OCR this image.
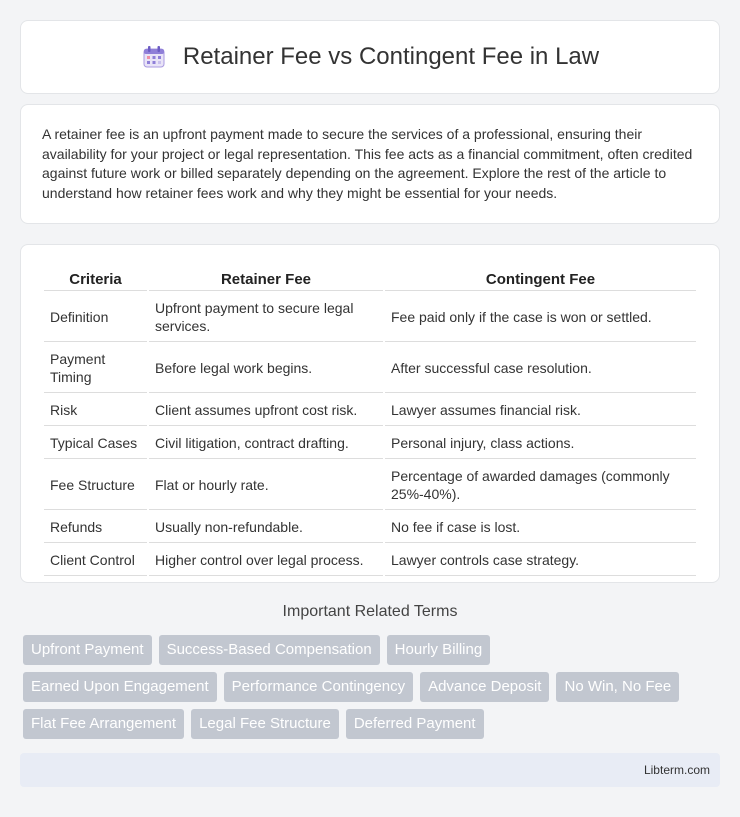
Retainer Fee vs Contingent Fee in Law

A retainer fee is an upfront payment made to secure the services of a professional, ensuring their availability for your project or legal representation. This fee acts as a financial commitment, often credited against future work or billed separately depending on the agreement. Explore the rest of the article to understand how retainer fees work and why they might be essential for your needs.

Criteria	Retainer Fee	Contingent Fee
Definition	Upfront payment to secure legal services.	Fee paid only if the case is won or settled.
Payment Timing	Before legal work begins.	After successful case resolution.
Risk	Client assumes upfront cost risk.	Lawyer assumes financial risk.
Typical Cases	Civil litigation, contract drafting.	Personal injury, class actions.
Fee Structure	Flat or hourly rate.	Percentage of awarded damages (commonly 25%-40%).
Refunds	Usually non-refundable.	No fee if case is lost.
Client Control	Higher control over legal process.	Lawyer controls case strategy.
Important Related Terms
Upfront Payment	Success-Based Compensation	Hourly Billing
Earned Upon Engagement	Performance Contingency	Advance Deposit	No Win, No Fee
Flat Fee Arrangement	Legal Fee Structure	Deferred Payment
Libterm.com
